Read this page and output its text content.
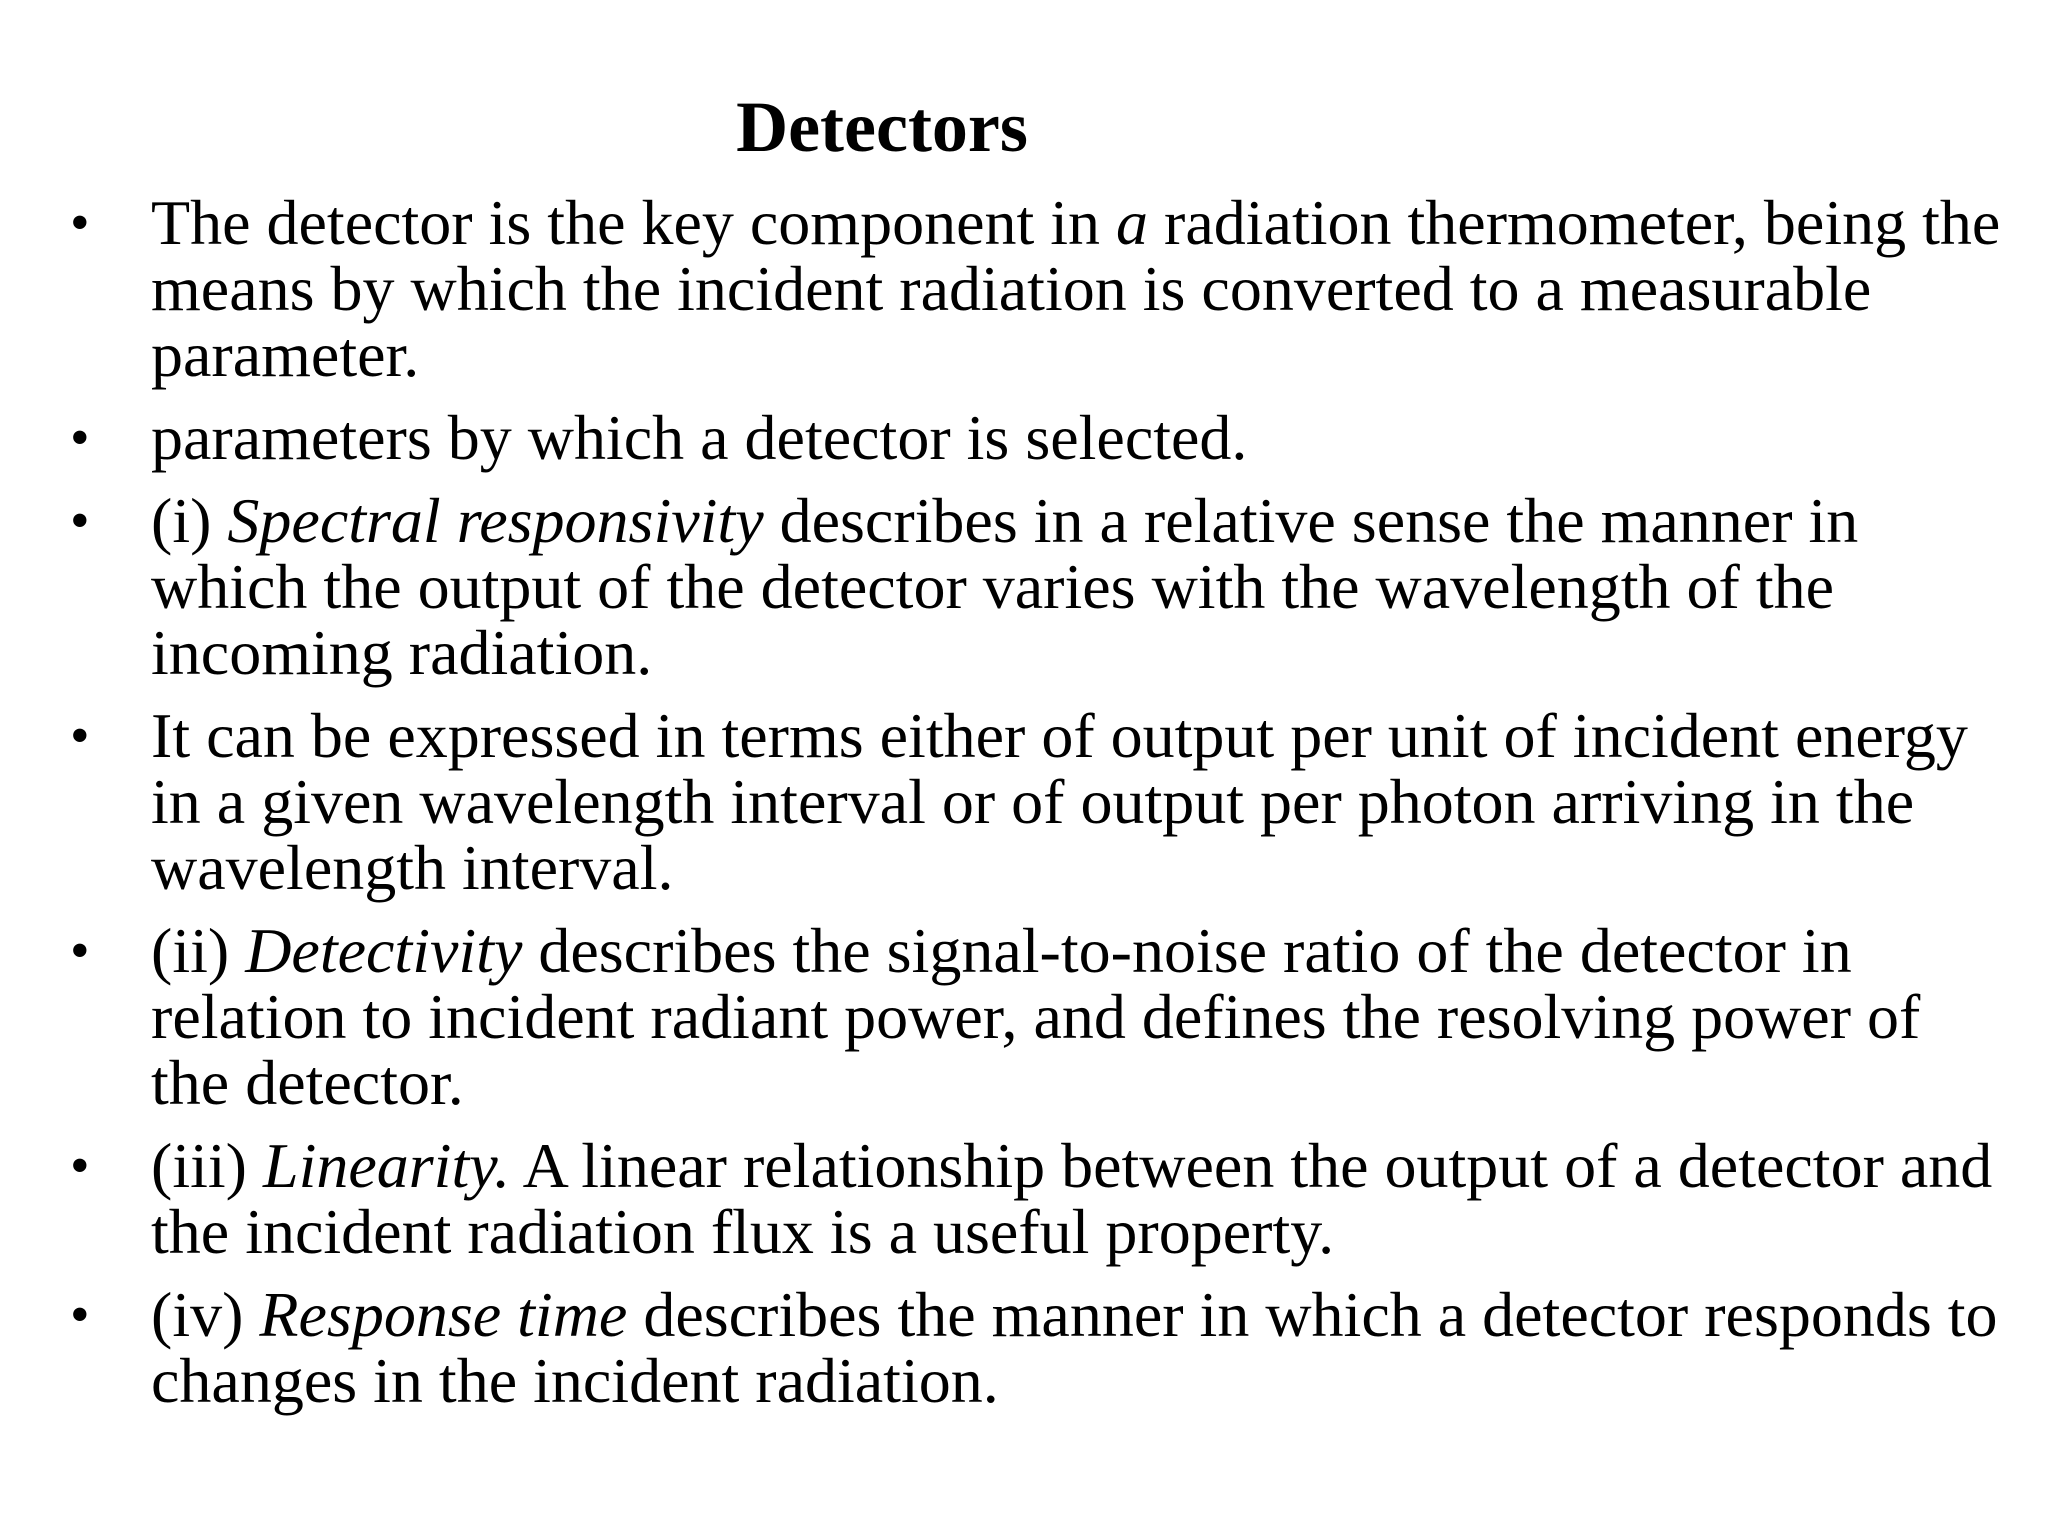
Detectors
• The detector is the key component in a radiation thermometer, being the means by which the incident radiation is converted to a measurable parameter.
• parameters by which a detector is selected.
• (i) Spectral responsivity describes in a relative sense the manner in which the output of the detector varies with the wavelength of the incoming radiation.
• It can be expressed in terms either of output per unit of incident energy in a given wavelength interval or of output per photon arriving in the wavelength interval.
• (ii) Detectivity describes the signal-to-noise ratio of the detector in relation to incident radiant power, and defines the resolving power of the detector.
• (iii) Linearity. A linear relationship between the output of a detector and the incident radiation flux is a useful property.
• (iv) Response time describes the manner in which a detector responds to changes in the incident radiation.
